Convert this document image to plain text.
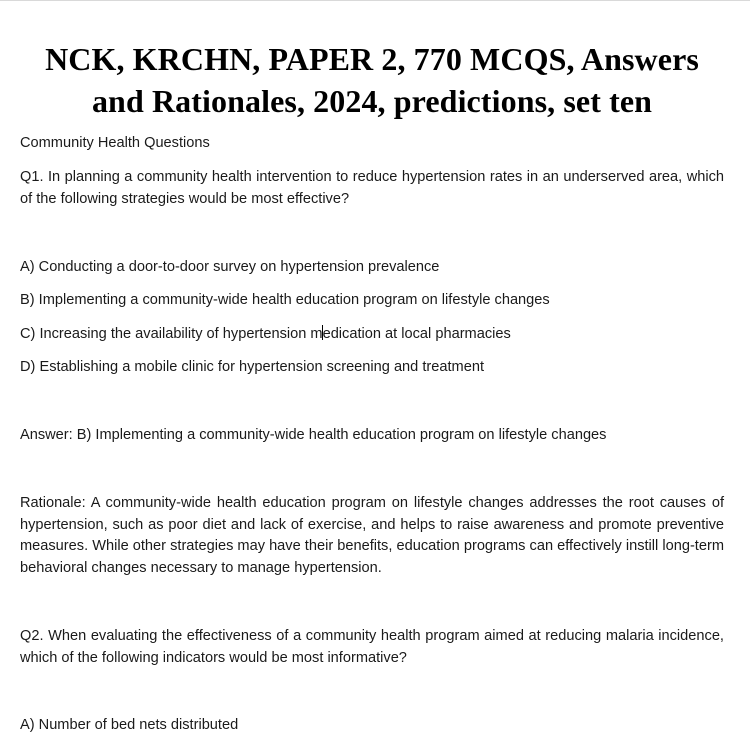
NCK, KRCHN, PAPER 2, 770 MCQS, Answers and Rationales, 2024, predictions, set ten

Community Health Questions

Q1. In planning a community health intervention to reduce hypertension rates in an underserved area, which of the following strategies would be most effective?

A) Conducting a door-to-door survey on hypertension prevalence

B) Implementing a community-wide health education program on lifestyle changes

C) Increasing the availability of hypertension medication at local pharmacies

D) Establishing a mobile clinic for hypertension screening and treatment

Answer: B) Implementing a community-wide health education program on lifestyle changes

Rationale: A community-wide health education program on lifestyle changes addresses the root causes of hypertension, such as poor diet and lack of exercise, and helps to raise awareness and promote preventive measures. While other strategies may have their benefits, education programs can effectively instill long-term behavioral changes necessary to manage hypertension.

Q2. When evaluating the effectiveness of a community health program aimed at reducing malaria incidence, which of the following indicators would be most informative?

A) Number of bed nets distributed
